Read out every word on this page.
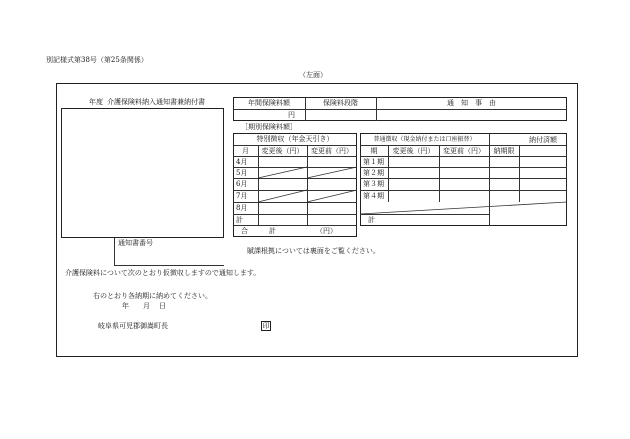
別記様式第38号（第25条関係）
（左面）
年度 介護保険料納入通知書兼納付書
通知書番号
年間保険料額	保険料段階	通　知　事　由
円
［期別保険料額］
特別徴収（年金天引き）
月	変更後（円）	変更前（円）
4月
5月
6月
7月
8月
計
合　　　計	（円）
普通徴収（現金納付または口座振替）	納付済額
期	変更後（円）	変更前（円）	納期限
第１期
第２期
第３期
第４期
計
賦課根拠については裏面をご覧ください。
介護保険料について次のとおり仮徴収しますので通知します。
右のとおり各納期に納めてください。
年 月 日
岐阜県可児郡御嵩町長	印
